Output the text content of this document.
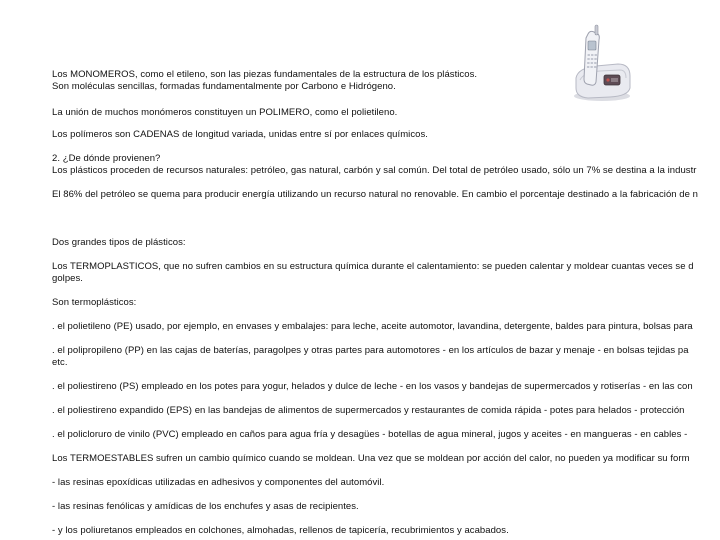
Los MONOMEROS, como el etileno, son las piezas fundamentales de la estructura de los plásticos.
Son moléculas sencillas, formadas fundamentalmente por Carbono e Hidrógeno.
La unión de muchos monómeros constituyen un POLIMERO, como el polietileno.
Los polímeros son CADENAS de longitud variada, unidas entre sí por enlaces químicos.
2. ¿De dónde provienen?
Los plásticos proceden de recursos naturales: petróleo, gas natural, carbón y sal común. Del total de petróleo usado, sólo un 7% se destina a la industr
El 86% del petróleo se quema para producir energía utilizando un recurso natural no renovable. En cambio el porcentaje destinado a la fabricación de n
Dos grandes tipos de plásticos:
Los TERMOPLASTICOS, que no sufren cambios en su estructura química durante el calentamiento: se pueden calentar y moldear cuantas veces se d
golpes.
Son termoplásticos:
. el polietileno (PE) usado, por ejemplo, en envases y embalajes: para leche, aceite automotor, lavandina, detergente, baldes para pintura, bolsas para
. el polipropileno (PP) en las cajas de baterías, paragolpes y otras partes para automotores - en los artículos de bazar y menaje - en bolsas tejidas pa
etc.
. el poliestireno (PS) empleado en los potes para yogur, helados y dulce de leche - en los vasos y bandejas de supermercados y rotiserías - en las con
. el poliestireno expandido (EPS) en las bandejas de alimentos de supermercados y restaurantes de comida rápida - potes para helados - protección
. el policloruro de vinilo (PVC) empleado en caños para agua fría y desagües - botellas de agua mineral, jugos y aceites - en mangueras - en cables -
Los TERMOESTABLES sufren un cambio químico cuando se moldean. Una vez que se moldean por acción del calor, no pueden ya modificar su form
- las resinas epoxídicas utilizadas en adhesivos y componentes del automóvil.
- las resinas fenólicas y amídicas de los enchufes y asas de recipientes.
- y los poliuretanos empleados en colchones, almohadas, rellenos de tapicería, recubrimientos y acabados.
